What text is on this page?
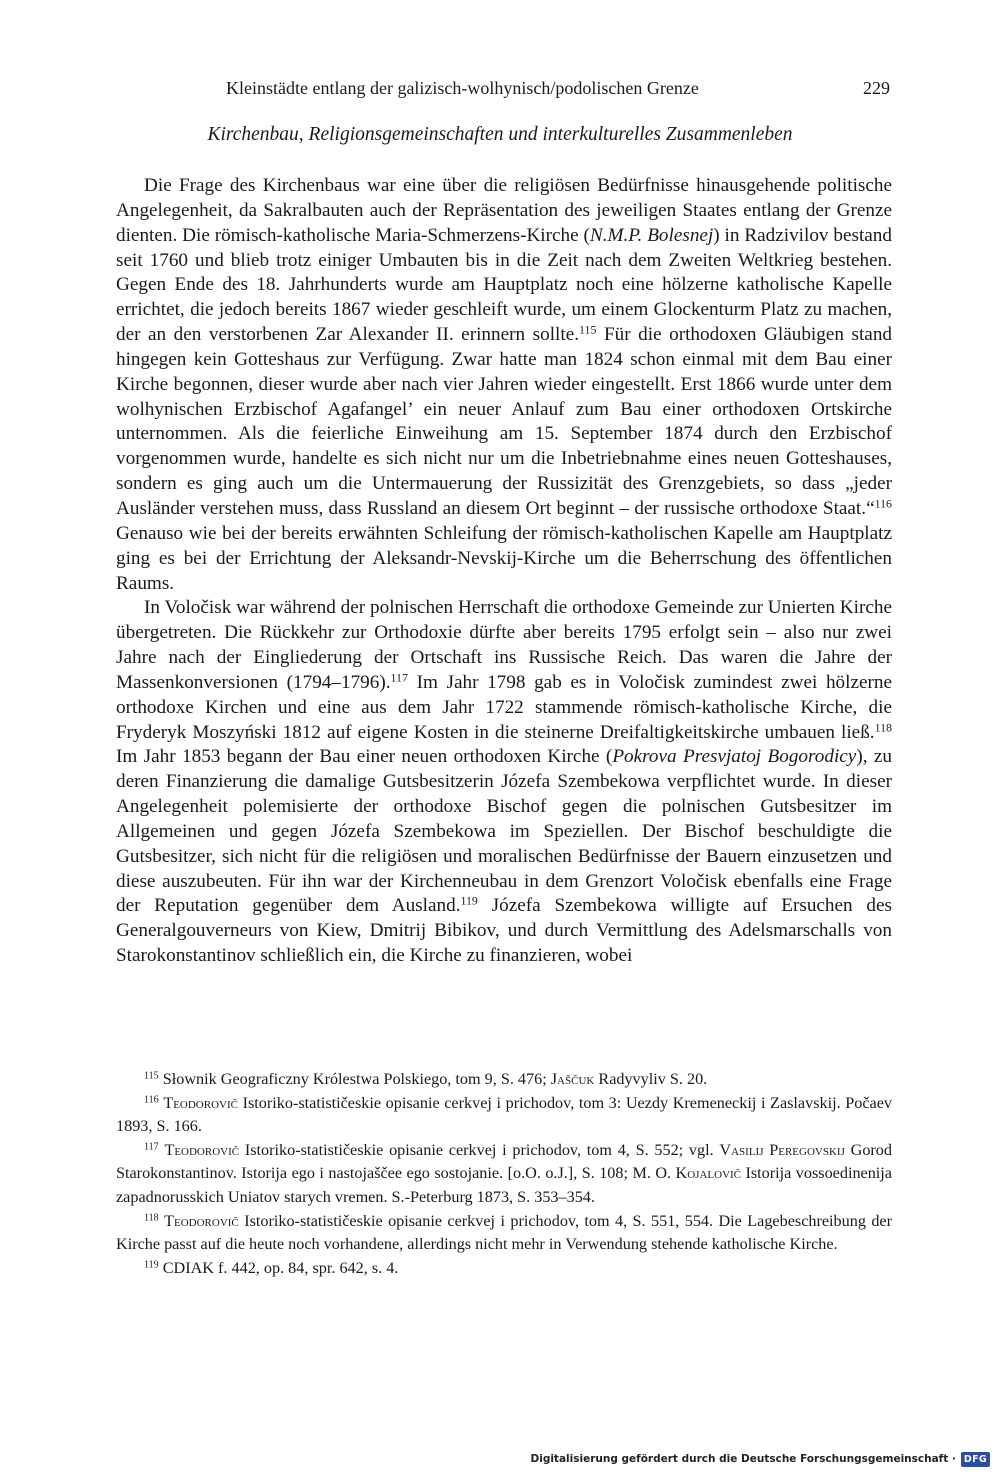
Kleinstädte entlang der galizisch-wolhynisch/podolischen Grenze	229
Kirchenbau, Religionsgemeinschaften und interkulturelles Zusammenleben

Die Frage des Kirchenbaus war eine über die religiösen Bedürfnisse hinausgehende politische Angelegenheit, da Sakralbauten auch der Repräsentation des jeweiligen Staates entlang der Grenze dienten. Die römisch-katholische Maria-Schmerzens-Kirche (N.M.P. Bolesnej) in Radzivilov bestand seit 1760 und blieb trotz einiger Umbauten bis in die Zeit nach dem Zweiten Weltkrieg bestehen. Gegen Ende des 18. Jahrhunderts wurde am Hauptplatz noch eine hölzerne katholische Kapelle errichtet, die jedoch bereits 1867 wieder geschleift wurde, um einem Glockenturm Platz zu machen, der an den verstorbenen Zar Alexander II. erinnern sollte.$^{115}$ Für die orthodoxen Gläubigen stand hingegen kein Gotteshaus zur Verfügung. Zwar hatte man 1824 schon einmal mit dem Bau einer Kirche begonnen, dieser wurde aber nach vier Jahren wieder eingestellt. Erst 1866 wurde unter dem wolhynischen Erzbischof Agafangel’ ein neuer Anlauf zum Bau einer orthodoxen Ortskirche unternommen. Als die feierliche Einweihung am 15. September 1874 durch den Erzbischof vorgenommen wurde, handelte es sich nicht nur um die Inbetriebnahme eines neuen Gotteshauses, sondern es ging auch um die Untermauerung der Russizität des Grenzgebiets, so dass „jeder Ausländer verstehen muss, dass Russland an diesem Ort beginnt – der russische orthodoxe Staat.“$^{116}$ Genauso wie bei der bereits erwähnten Schleifung der römisch-katholischen Kapelle am Hauptplatz ging es bei der Errichtung der Aleksandr-Nevskij-Kirche um die Beherrschung des öffentlichen Raums.

In Voločisk war während der polnischen Herrschaft die orthodoxe Gemeinde zur Unierten Kirche übergetreten. Die Rückkehr zur Orthodoxie dürfte aber bereits 1795 erfolgt sein – also nur zwei Jahre nach der Eingliederung der Ortschaft ins Russische Reich. Das waren die Jahre der Massenkonversionen (1794–1796).$^{117}$ Im Jahr 1798 gab es in Voločisk zumindest zwei hölzerne orthodoxe Kirchen und eine aus dem Jahr 1722 stammende römisch-katholische Kirche, die Fryderyk Moszyński 1812 auf eigene Kosten in die steinerne Dreifaltigkeitskirche umbauen ließ.$^{118}$ Im Jahr 1853 begann der Bau einer neuen orthodoxen Kirche (Pokrova Presvjatoj Bogorodicy), zu deren Finanzierung die damalige Gutsbesitzerin Józefa Szembekowa verpflichtet wurde. In dieser Angelegenheit polemisierte der orthodoxe Bischof gegen die polnischen Gutsbesitzer im Allgemeinen und gegen Józefa Szembekowa im Speziellen. Der Bischof beschuldigte die Gutsbesitzer, sich nicht für die religiösen und moralischen Bedürfnisse der Bauern einzusetzen und diese auszubeuten. Für ihn war der Kirchenneubau in dem Grenzort Voločisk ebenfalls eine Frage der Reputation gegenüber dem Ausland.$^{119}$ Józefa Szembekowa willigte auf Ersuchen des Generalgouverneurs von Kiew, Dmitrij Bibikov, und durch Vermittlung des Adelsmarschalls von Starokonstantinov schließlich ein, die Kirche zu finanzieren, wobei

$^{115}$ Słownik Geograficzny Królestwa Polskiego, tom 9, S. 476; Jaščuk Radyvyliv S. 20.

$^{116}$ Teodorovič Istoriko-statističeskie opisanie cerkvej i prichodov, tom 3: Uezdy Kremeneckij i Zaslavskij. Počaev 1893, S. 166.

$^{117}$ Teodorovič Istoriko-statističeskie opisanie cerkvej i prichodov, tom 4, S. 552; vgl. Vasilij Peregovskij Gorod Starokonstantinov. Istorija ego i nastojaščee ego sostojanie. [o.O. o.J.], S. 108; M. O. Kojalovič Istorija vossoedinenija zapadnorusskich Uniatov starych vremen. S.-Peterburg 1873, S. 353–354.

$^{118}$ Teodorovič Istoriko-statističeskie opisanie cerkvej i prichodov, tom 4, S. 551, 554. Die Lagebeschreibung der Kirche passt auf die heute noch vorhandene, allerdings nicht mehr in Verwendung stehende katholische Kirche.

$^{119}$ CDIAK f. 442, op. 84, spr. 642, s. 4.

Digitalisierung gefördert durch die Deutsche Forschungsgemeinschaft · DFG
